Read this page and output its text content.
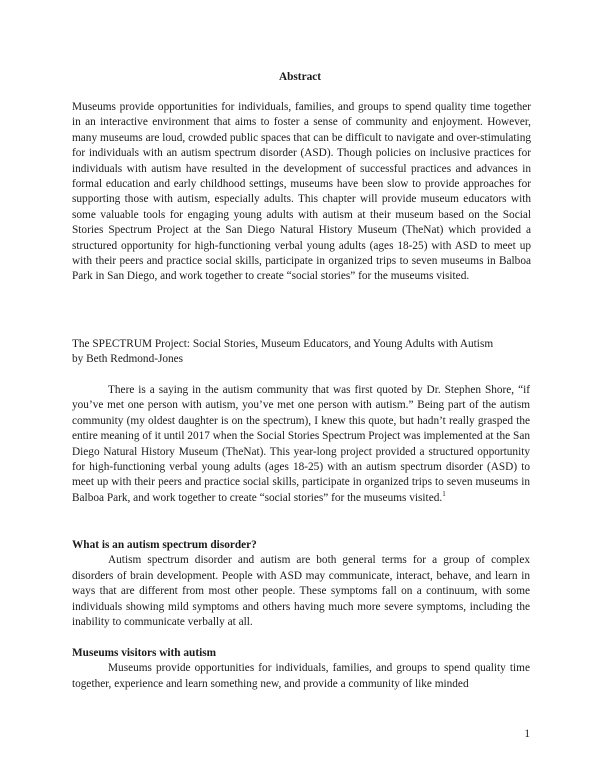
Abstract
Museums provide opportunities for individuals, families, and groups to spend quality time together in an interactive environment that aims to foster a sense of community and enjoyment. However, many museums are loud, crowded public spaces that can be difficult to navigate and over-stimulating for individuals with an autism spectrum disorder (ASD). Though policies on inclusive practices for individuals with autism have resulted in the development of successful practices and advances in formal education and early childhood settings, museums have been slow to provide approaches for supporting those with autism, especially adults. This chapter will provide museum educators with some valuable tools for engaging young adults with autism at their museum based on the Social Stories Spectrum Project at the San Diego Natural History Museum (TheNat) which provided a structured opportunity for high-functioning verbal young adults (ages 18-25) with ASD to meet up with their peers and practice social skills, participate in organized trips to seven museums in Balboa Park in San Diego, and work together to create “social stories” for the museums visited.
The SPECTRUM Project: Social Stories, Museum Educators, and Young Adults with Autism
by Beth Redmond-Jones
There is a saying in the autism community that was first quoted by Dr. Stephen Shore, “if you’ve met one person with autism, you’ve met one person with autism.” Being part of the autism community (my oldest daughter is on the spectrum), I knew this quote, but hadn’t really grasped the entire meaning of it until 2017 when the Social Stories Spectrum Project was implemented at the San Diego Natural History Museum (TheNat). This year-long project provided a structured opportunity for high-functioning verbal young adults (ages 18-25) with an autism spectrum disorder (ASD) to meet up with their peers and practice social skills, participate in organized trips to seven museums in Balboa Park, and work together to create “social stories” for the museums visited.$^1$
What is an autism spectrum disorder?

Autism spectrum disorder and autism are both general terms for a group of complex disorders of brain development. People with ASD may communicate, interact, behave, and learn in ways that are different from most other people. These symptoms fall on a continuum, with some individuals showing mild symptoms and others having much more severe symptoms, including the inability to communicate verbally at all.

Museums visitors with autism

Museums provide opportunities for individuals, families, and groups to spend quality time together, experience and learn something new, and provide a community of like minded

1
